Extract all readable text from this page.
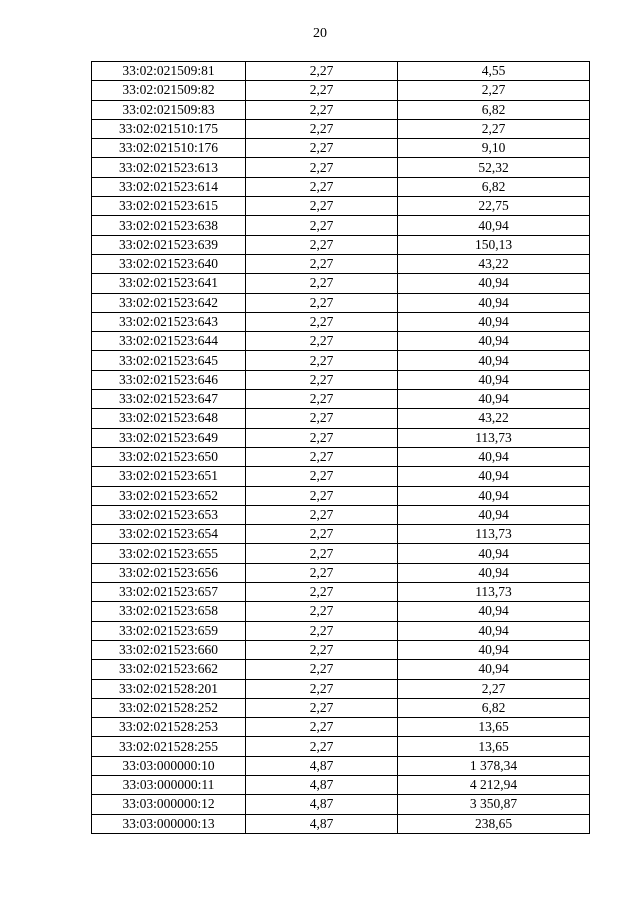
20
33:02:021509:81	2,27	4,55
33:02:021509:82	2,27	2,27
33:02:021509:83	2,27	6,82
33:02:021510:175	2,27	2,27
33:02:021510:176	2,27	9,10
33:02:021523:613	2,27	52,32
33:02:021523:614	2,27	6,82
33:02:021523:615	2,27	22,75
33:02:021523:638	2,27	40,94
33:02:021523:639	2,27	150,13
33:02:021523:640	2,27	43,22
33:02:021523:641	2,27	40,94
33:02:021523:642	2,27	40,94
33:02:021523:643	2,27	40,94
33:02:021523:644	2,27	40,94
33:02:021523:645	2,27	40,94
33:02:021523:646	2,27	40,94
33:02:021523:647	2,27	40,94
33:02:021523:648	2,27	43,22
33:02:021523:649	2,27	113,73
33:02:021523:650	2,27	40,94
33:02:021523:651	2,27	40,94
33:02:021523:652	2,27	40,94
33:02:021523:653	2,27	40,94
33:02:021523:654	2,27	113,73
33:02:021523:655	2,27	40,94
33:02:021523:656	2,27	40,94
33:02:021523:657	2,27	113,73
33:02:021523:658	2,27	40,94
33:02:021523:659	2,27	40,94
33:02:021523:660	2,27	40,94
33:02:021523:662	2,27	40,94
33:02:021528:201	2,27	2,27
33:02:021528:252	2,27	6,82
33:02:021528:253	2,27	13,65
33:02:021528:255	2,27	13,65
33:03:000000:10	4,87	1 378,34
33:03:000000:11	4,87	4 212,94
33:03:000000:12	4,87	3 350,87
33:03:000000:13	4,87	238,65
